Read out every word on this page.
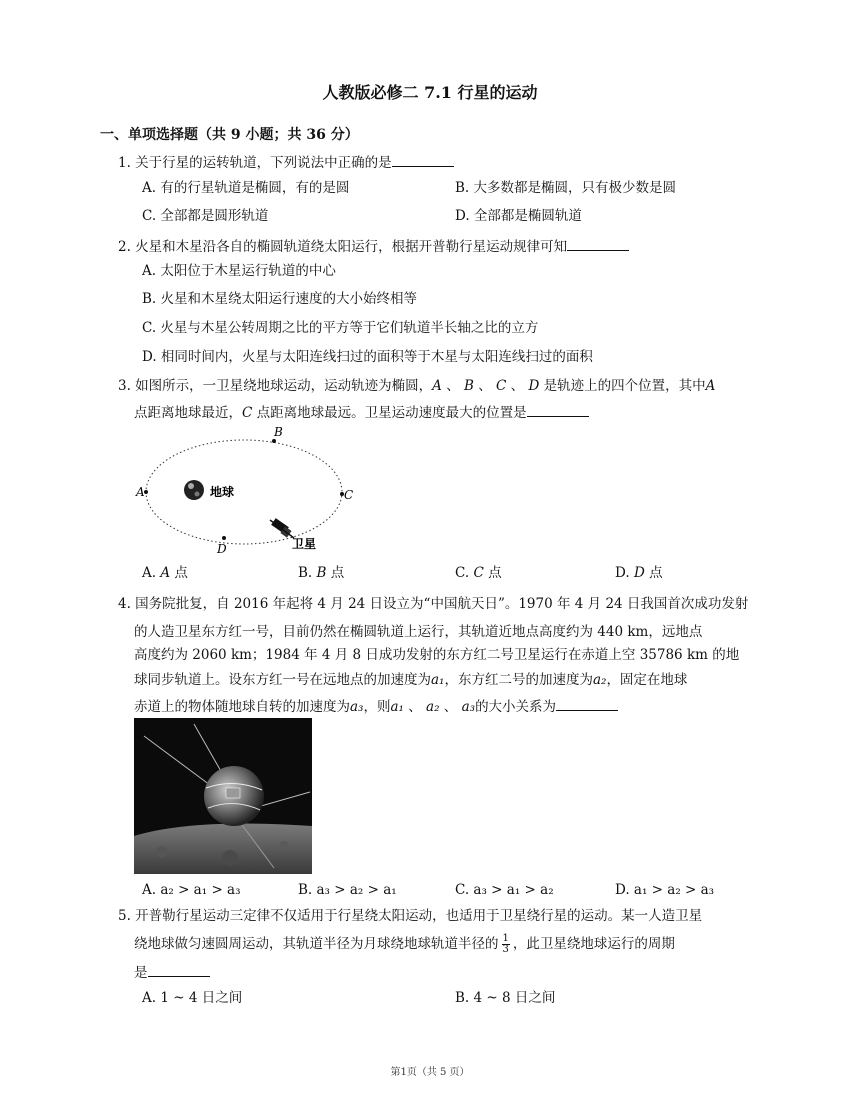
人教版必修二 7.1 行星的运动
一、单项选择题（共 9 小题；共 36 分）
1. 关于行星的运转轨道，下列说法中正确的是
A. 有的行星轨道是椭圆，有的是圆	B. 大多数都是椭圆，只有极少数是圆
C. 全部都是圆形轨道	D. 全部都是椭圆轨道
2. 火星和木星沿各自的椭圆轨道绕太阳运行，根据开普勒行星运动规律可知
A. 太阳位于木星运行轨道的中心
B. 火星和木星绕太阳运行速度的大小始终相等
C. 火星与木星公转周期之比的平方等于它们轨道半长轴之比的立方
D. 相同时间内，火星与太阳连线扫过的面积等于木星与太阳连线扫过的面积
3. 如图所示，一卫星绕地球运动，运动轨迹为椭圆，A 、 B 、 C 、 D 是轨迹上的四个位置，其中A
点距离地球最近，C 点距离地球最远。卫星运动速度最大的位置是
地球
A
B
C
D	卫星
A. A 点	B. B 点	C. C 点	D. D 点
4. 国务院批复，自 2016 年起将 4 月 24 日设立为“中国航天日”。1970 年 4 月 24 日我国首次成功发射
的人造卫星东方红一号，目前仍然在椭圆轨道上运行，其轨道近地点高度约为 440 km，远地点
高度约为 2060 km；1984 年 4 月 8 日成功发射的东方红二号卫星运行在赤道上空 35786 km 的地
球同步轨道上。设东方红一号在远地点的加速度为a₁，东方红二号的加速度为a₂，固定在地球
赤道上的物体随地球自转的加速度为a₃，则a₁ 、 a₂ 、 a₃的大小关系为
A. a₂ > a₁ > a₃	B. a₃ > a₂ > a₁	C. a₃ > a₁ > a₂	D. a₁ > a₂ > a₃
5. 开普勒行星运动三定律不仅适用于行星绕太阳运动，也适用于卫星绕行星的运动。某一人造卫星
绕地球做匀速圆周运动，其轨道半径为月球绕地球轨道半径的 $\frac{1}{3}$ ，此卫星绕地球运行的周期
是
A. 1 ~ 4 日之间	B. 4 ~ 8 日之间
第1页（共 5 页）
